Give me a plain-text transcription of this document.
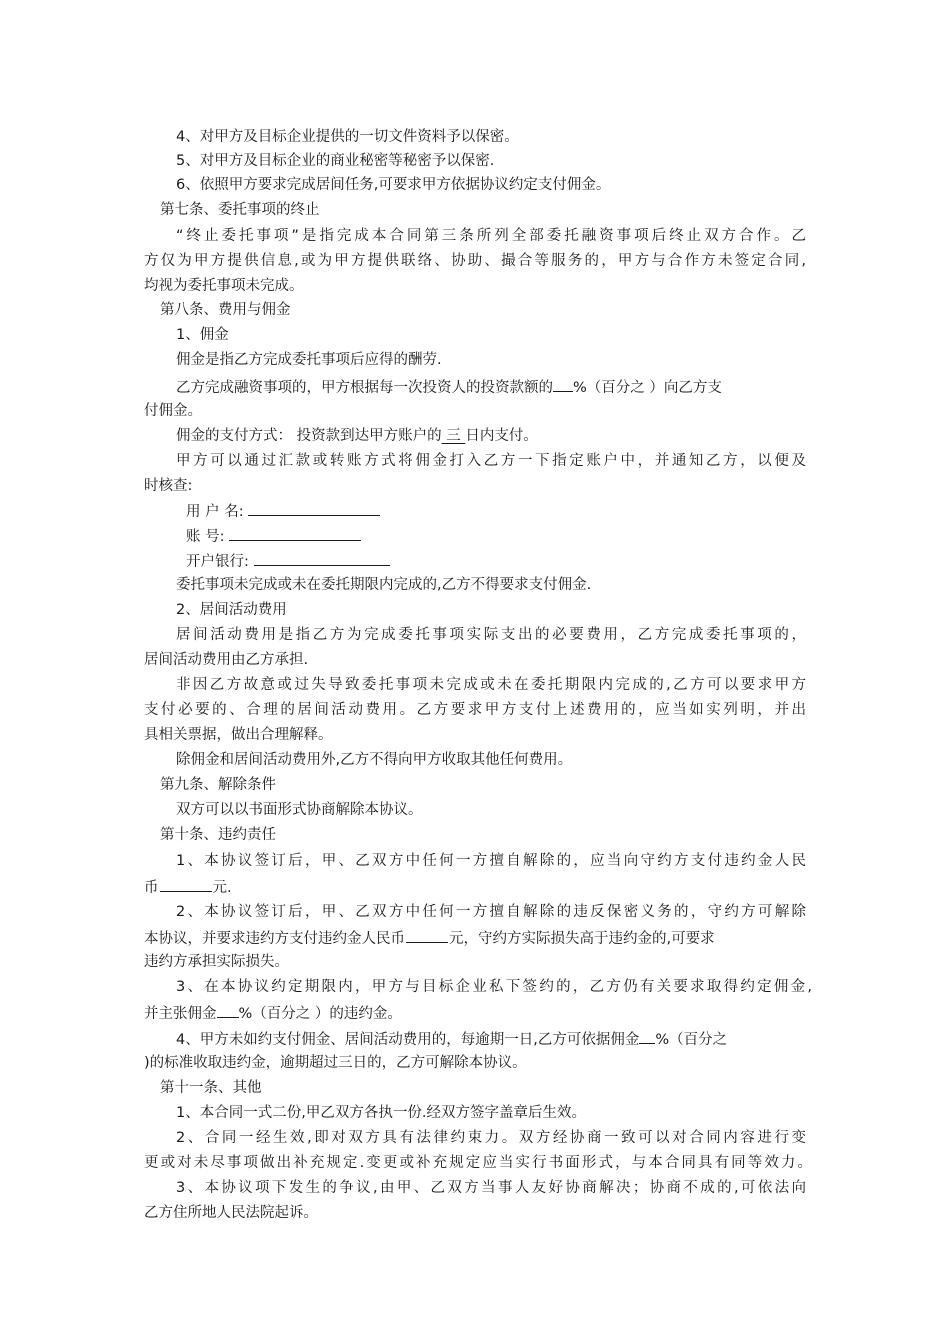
4、对甲方及目标企业提供的一切文件资料予以保密。
5、对甲方及目标企业的商业秘密等秘密予以保密.
6、依照甲方要求完成居间任务,可要求甲方依据协议约定支付佣金。
第七条、委托事项的终止
“终止委托事项”是指完成本合同第三条所列全部委托融资事项后终止双方合作。乙
方仅为甲方提供信息,或为甲方提供联络、协助、撮合等服务的，甲方与合作方未签定合同,
均视为委托事项未完成。
第八条、费用与佣金
1、佣金
佣金是指乙方完成委托事项后应得的酬劳.
乙方完成融资事项的，甲方根据每一次投资人的投资款额的 %（百分之 ）向乙方支
付佣金。
佣金的支付方式： 投资款到达甲方账户的 三 日内支付。
甲方可以通过汇款或转账方式将佣金打入乙方一下指定账户中，并通知乙方，以便及
时核查:
用 户 名:
账 号:
开户银行:
委托事项未完成或未在委托期限内完成的,乙方不得要求支付佣金.
2、居间活动费用
居间活动费用是指乙方为完成委托事项实际支出的必要费用，乙方完成委托事项的，
居间活动费用由乙方承担.
非因乙方故意或过失导致委托事项未完成或未在委托期限内完成的,乙方可以要求甲方
支付必要的、合理的居间活动费用。乙方要求甲方支付上述费用的，应当如实列明，并出
具相关票据，做出合理解释。
除佣金和居间活动费用外,乙方不得向甲方收取其他任何费用。
第九条、解除条件
双方可以以书面形式协商解除本协议。
第十条、违约责任
1、本协议签订后，甲、乙双方中任何一方擅自解除的，应当向守约方支付违约金人民
币	元.
2、本协议签订后，甲、乙双方中任何一方擅自解除的违反保密义务的，守约方可解除
本协议，并要求违约方支付违约金人民币	元，守约方实际损失高于违约金的,可要求
违约方承担实际损失。
3、在本协议约定期限内，甲方与目标企业私下签约的，乙方仍有关要求取得约定佣金,
并主张佣金 %（百分之 ）的违约金。
4、甲方未如约支付佣金、居间活动费用的，每逾期一日,乙方可依据佣金 %（百分之
)的标准收取违约金，逾期超过三日的，乙方可解除本协议。
第十一条、其他
1、本合同一式二份,甲乙双方各执一份.经双方签字盖章后生效。
2、合同一经生效,即对双方具有法律约束力。双方经协商一致可以对合同内容进行变
更或对未尽事项做出补充规定.变更或补充规定应当实行书面形式，与本合同具有同等效力。
3、本协议项下发生的争议,由甲、乙双方当事人友好协商解决；协商不成的,可依法向
乙方住所地人民法院起诉。
